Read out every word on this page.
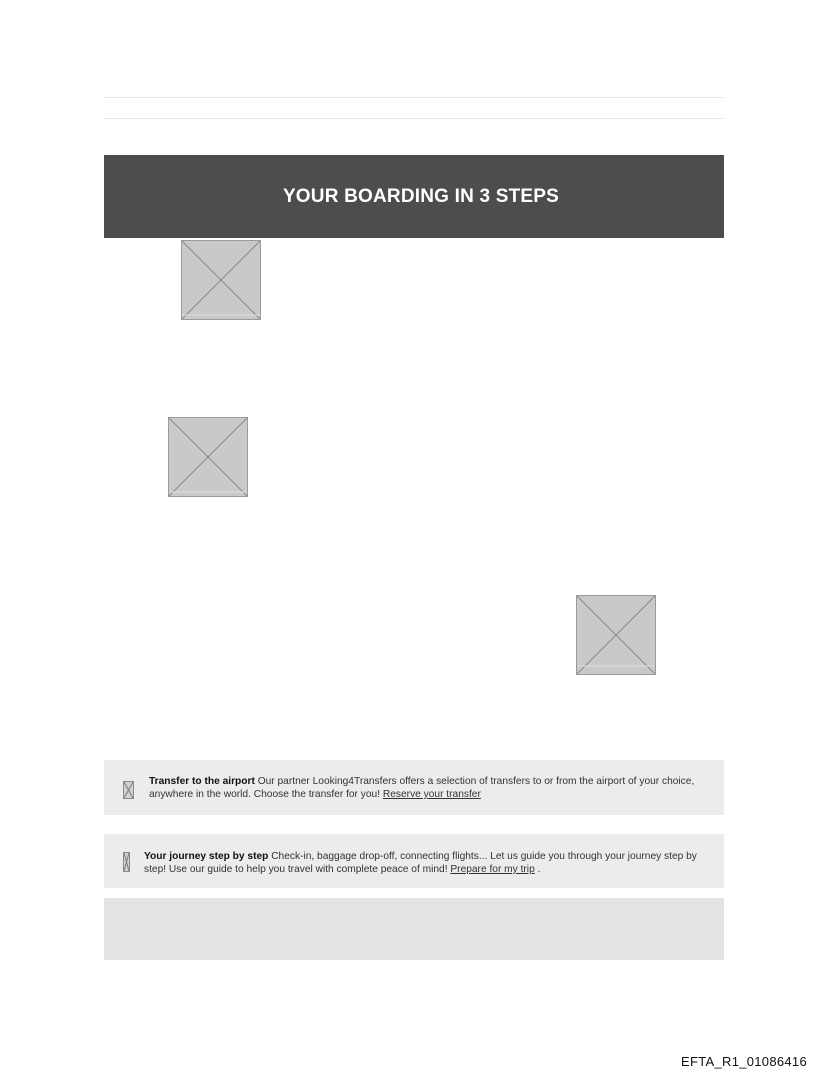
YOUR BOARDING IN 3 STEPS
Transfer to the airport Our partner Looking4Transfers offers a selection of transfers to or from the airport of your choice, anywhere in the world. Choose the transfer for you! Reserve your transfer
Your journey step by step Check-in, baggage drop-off, connecting flights... Let us guide you through your journey step by step! Use our guide to help you travel with complete peace of mind! Prepare for my trip .
EFTA_R1_01086416
